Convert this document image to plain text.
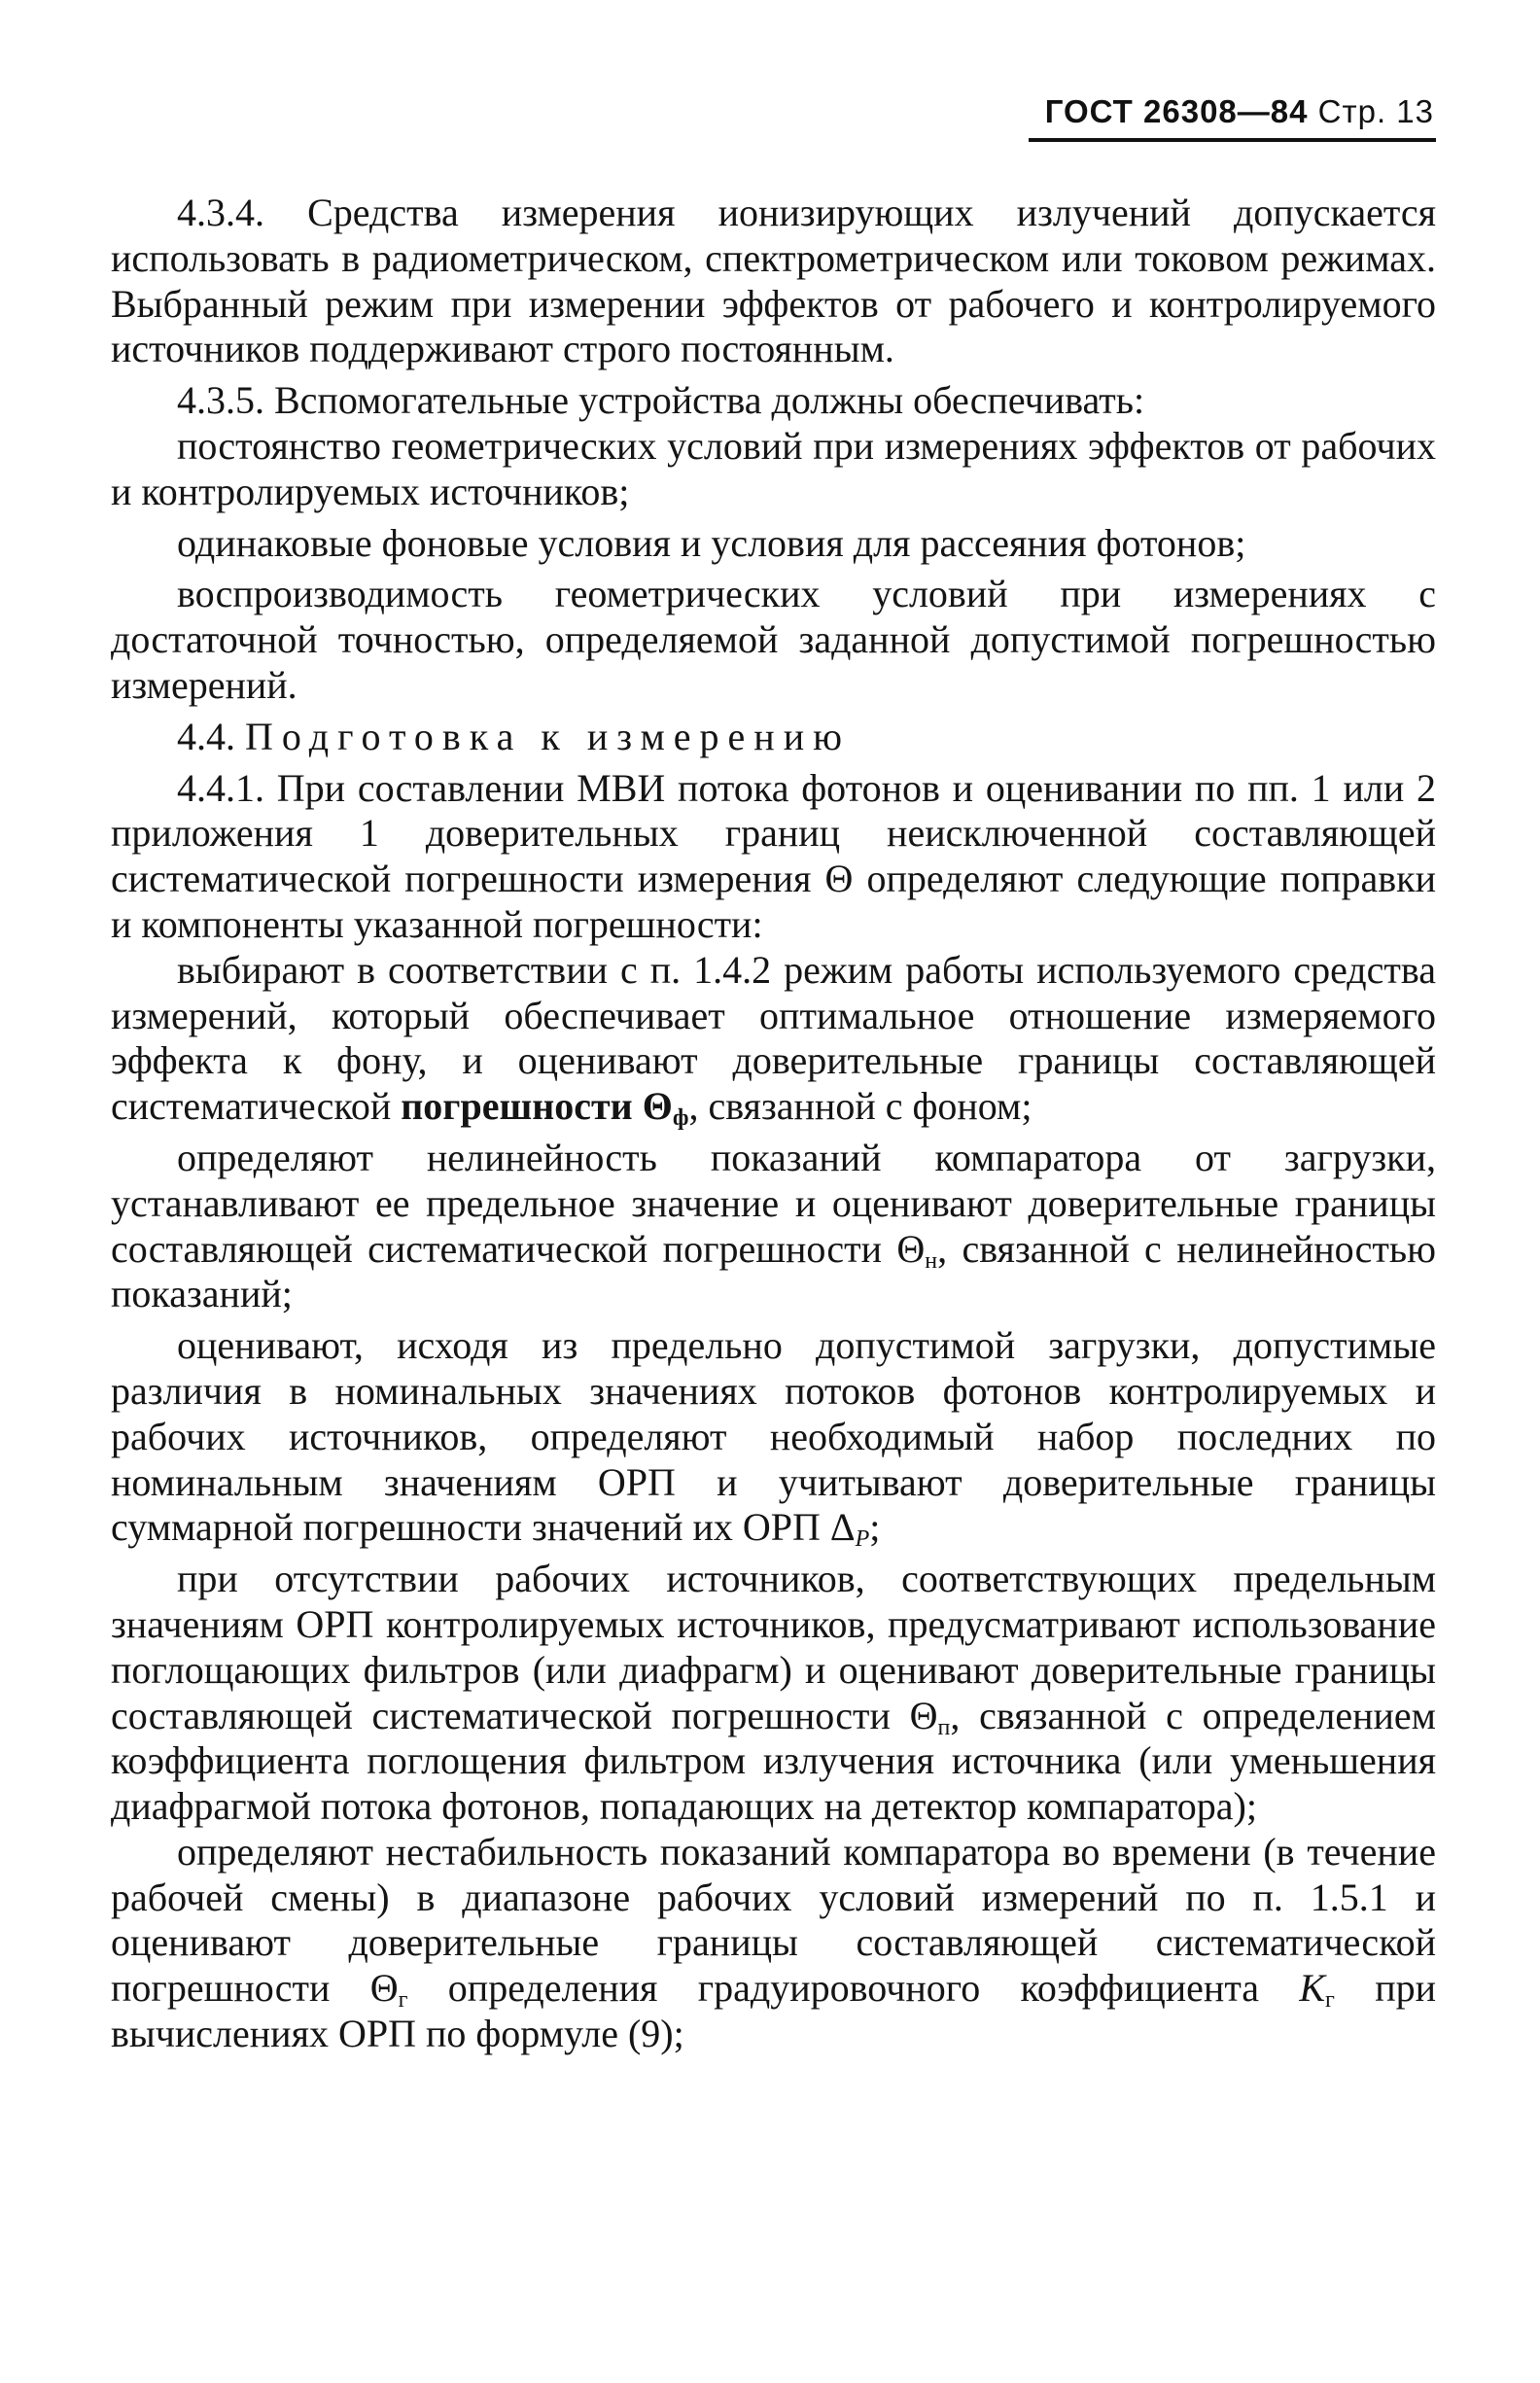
ГОСТ 26308—84 Стр. 13

4.3.4. Средства измерения ионизирующих излучений допускается использовать в радиометрическом, спектрометрическом или токовом режимах. Выбранный режим при измерении эффектов от рабочего и контролируемого источников поддерживают строго постоянным.

4.3.5. Вспомогательные устройства должны обеспечивать:

постоянство геометрических условий при измерениях эффектов от рабочих и контролируемых источников;

одинаковые фоновые условия и условия для рассеяния фотонов;

воспроизводимость геометрических условий при измерениях с достаточной точностью, определяемой заданной допустимой погрешностью измерений.

4.4. Подготовка к измерению

4.4.1. При составлении МВИ потока фотонов и оценивании по пп. 1 или 2 приложения 1 доверительных границ неисключенной составляющей систематической погрешности измерения Θ определяют следующие поправки и компоненты указанной погрешности:

выбирают в соответствии с п. 1.4.2 режим работы используемого средства измерений, который обеспечивает оптимальное отношение измеряемого эффекта к фону, и оценивают доверительные границы составляющей систематической погрешности $\Theta_ф$, связанной с фоном;

определяют нелинейность показаний компаратора от загрузки, устанавливают ее предельное значение и оценивают доверительные границы составляющей систематической погрешности $\Theta_н$, связанной с нелинейностью показаний;

оценивают, исходя из предельно допустимой загрузки, допустимые различия в номинальных значениях потоков фотонов контролируемых и рабочих источников, определяют необходимый набор последних по номинальным значениям ОРП и учитывают доверительные границы суммарной погрешности значений их ОРП $\Delta_P$;

при отсутствии рабочих источников, соответствующих предельным значениям ОРП контролируемых источников, предусматривают использование поглощающих фильтров (или диафрагм) и оценивают доверительные границы составляющей систематической погрешности $\Theta_п$, связанной с определением коэффициента поглощения фильтром излучения источника (или уменьшения диафрагмой потока фотонов, попадающих на детектор компаратора);

определяют нестабильность показаний компаратора во времени (в течение рабочей смены) в диапазоне рабочих условий измерений по п. 1.5.1 и оценивают доверительные границы составляющей систематической погрешности $\Theta_г$ определения градуировочного коэффициента $K_г$ при вычислениях ОРП по формуле (9);
